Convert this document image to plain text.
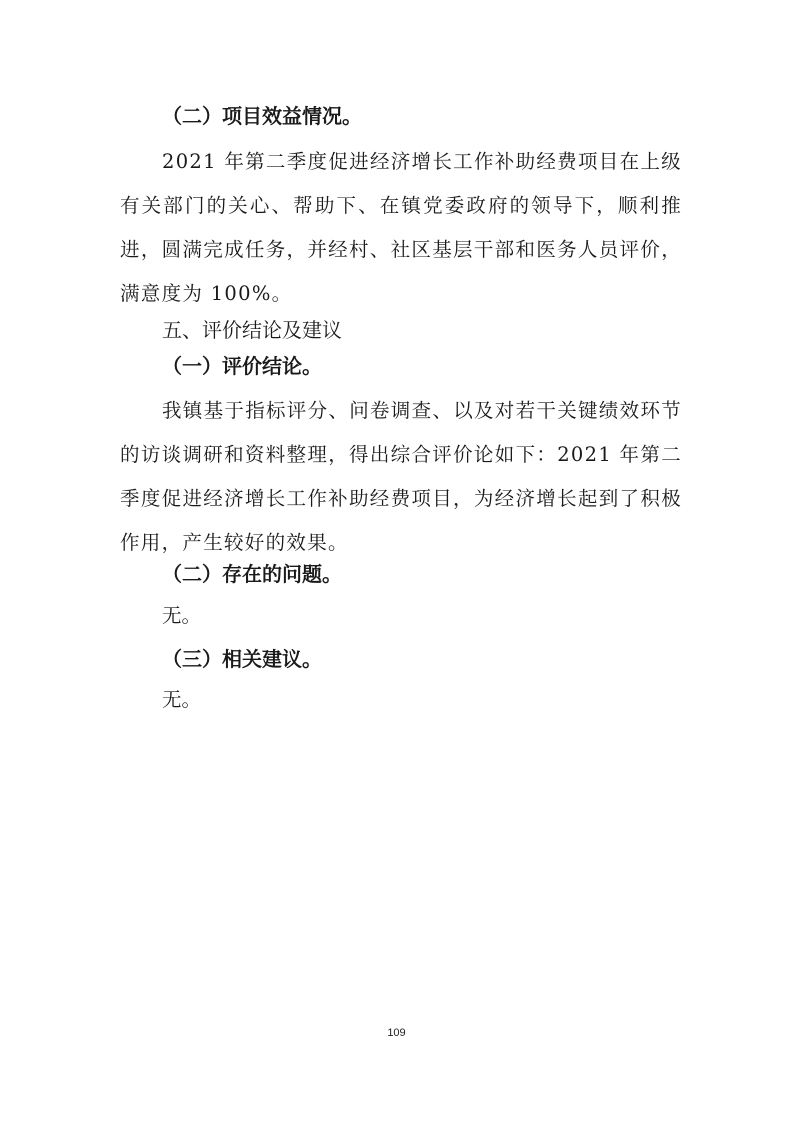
（二）项目效益情况。

2021 年第二季度促进经济增长工作补助经费项目在上级有关部门的关心、帮助下、在镇党委政府的领导下，顺利推进，圆满完成任务，并经村、社区基层干部和医务人员评价，满意度为 100%。

五、评价结论及建议

（一）评价结论。

我镇基于指标评分、问卷调查、以及对若干关键绩效环节的访谈调研和资料整理，得出综合评价论如下：2021 年第二季度促进经济增长工作补助经费项目，为经济增长起到了积极作用，产生较好的效果。

（二）存在的问题。

无。

（三）相关建议。

无。

109
